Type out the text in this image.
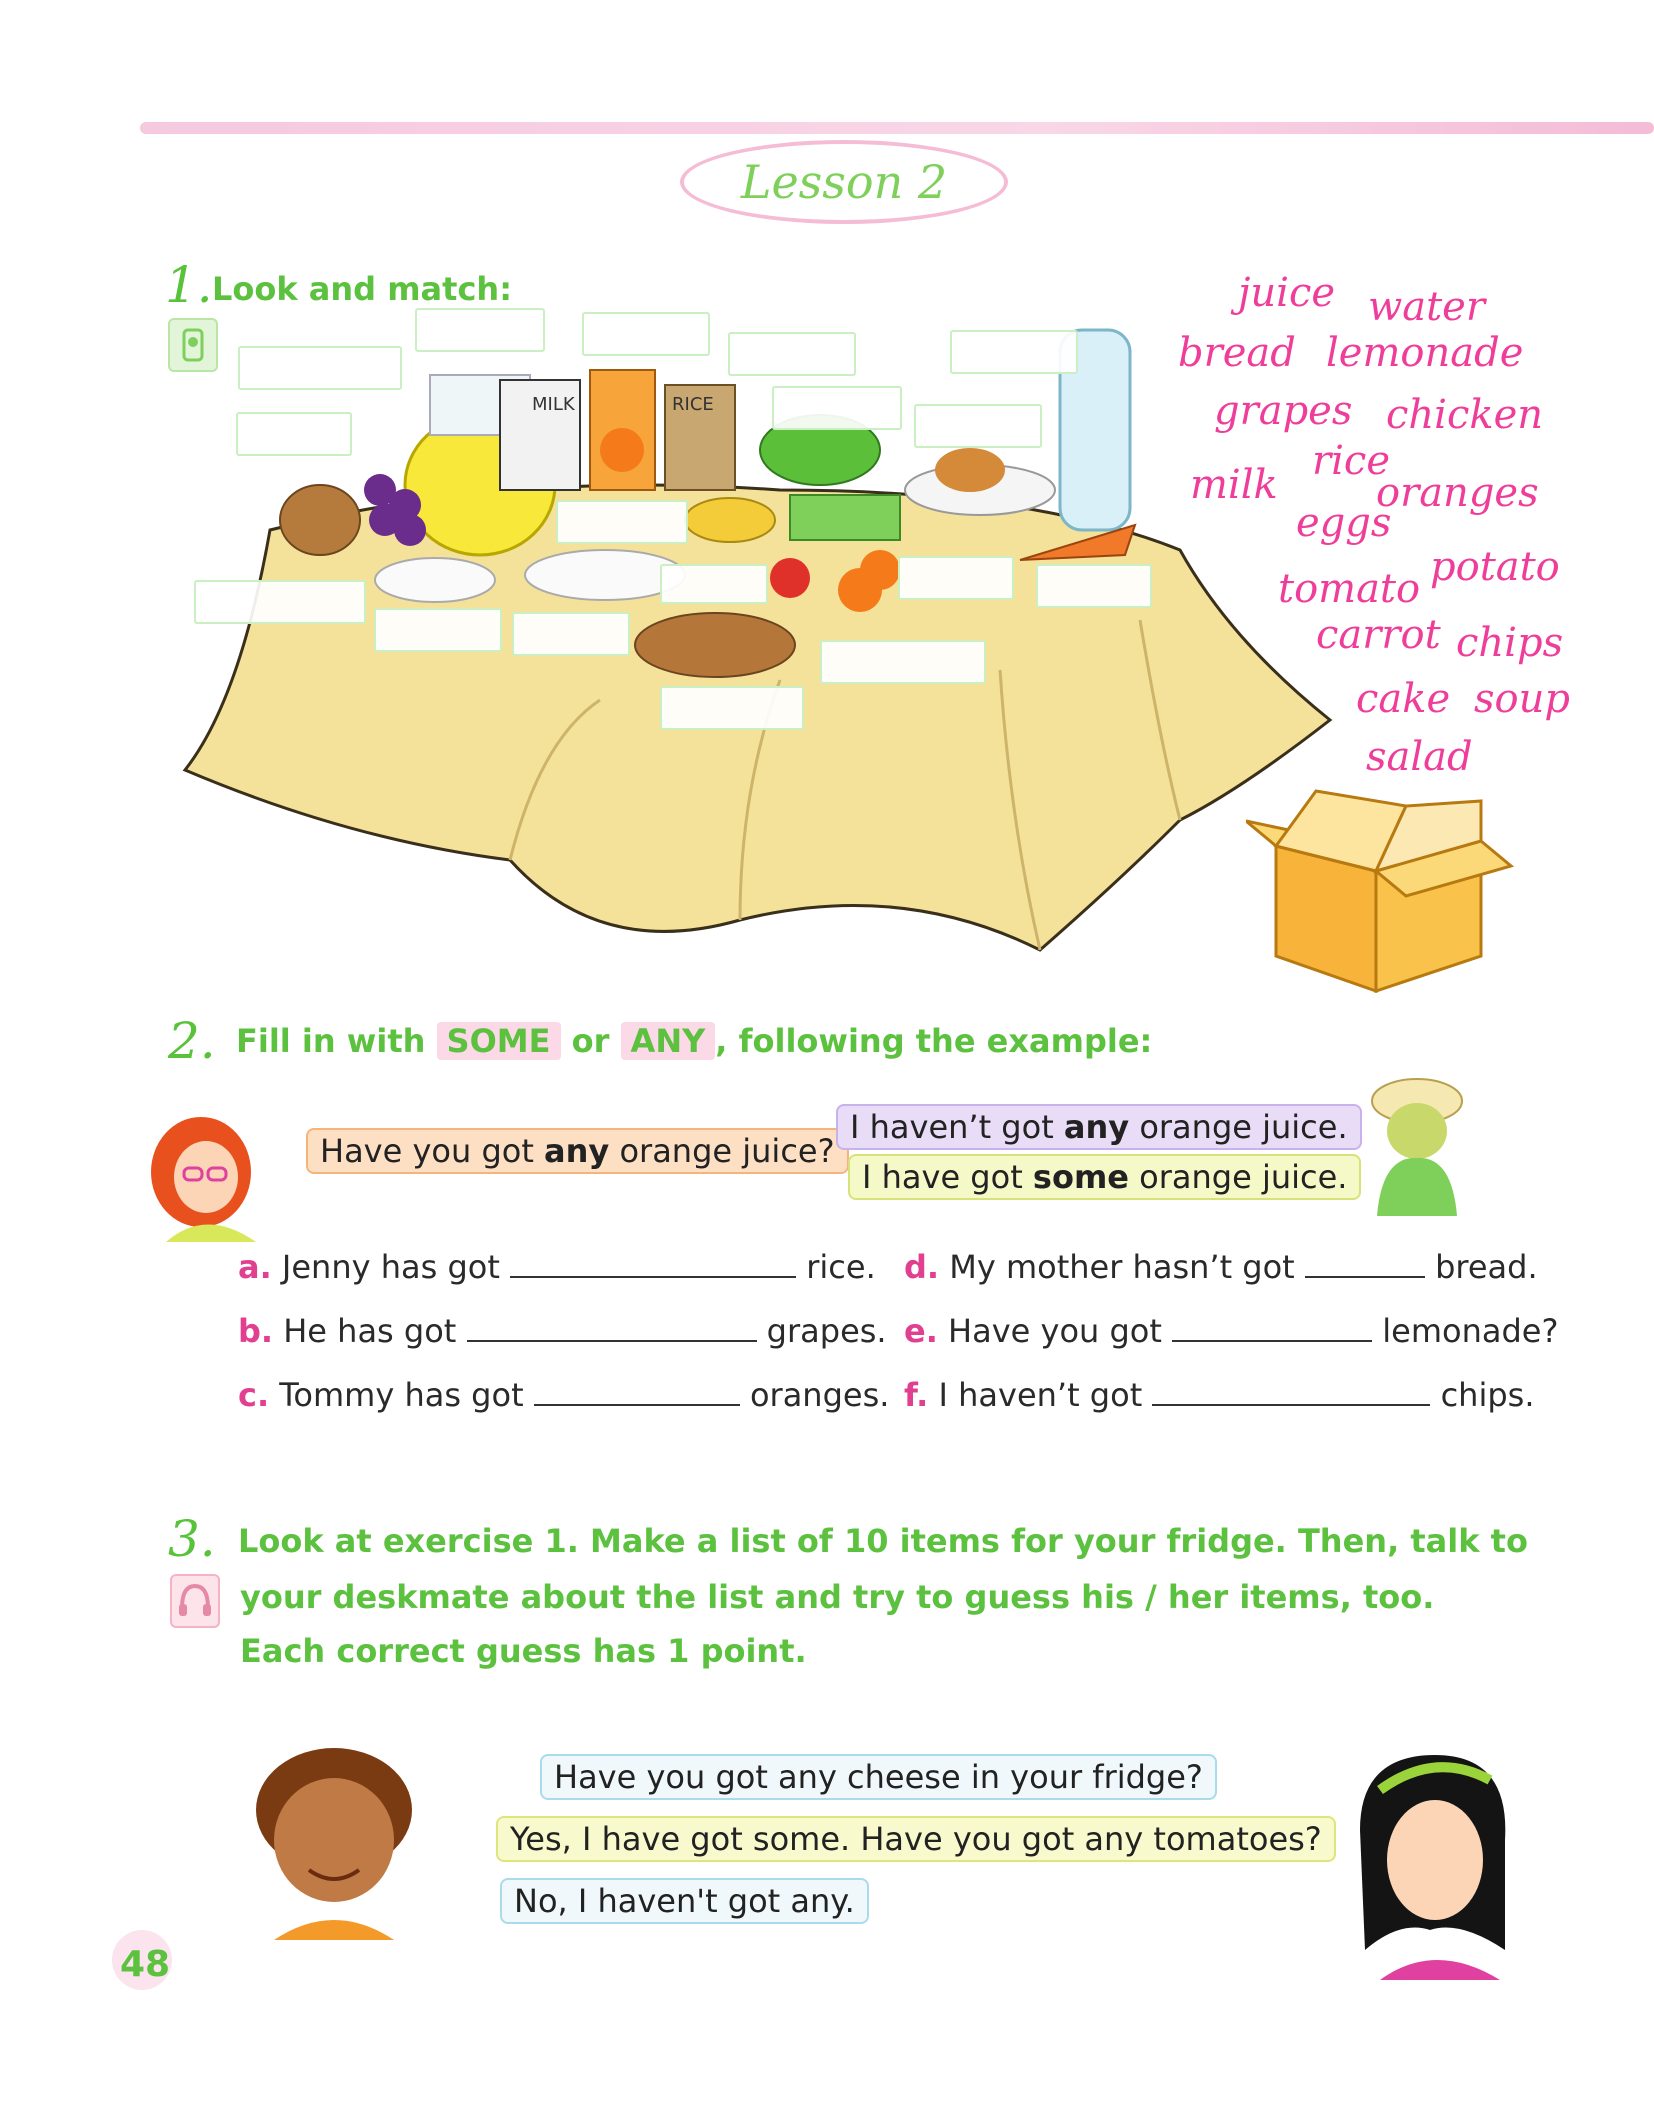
Lesson 2
1. Look and match:
MILK	RICE
juice water
bread lemonade
grapes chicken
milk
rice
oranges
eggs
potato
tomato
carrot chips
cake soup
salad
2. Fill in with SOME or ANY , following the example:
Have you got any orange juice?
I haven’t got any orange juice.
I have got some orange juice.
a. Jenny has got	rice.
b. He has got	grapes.
c. Tommy has got	oranges.
d. My mother hasn’t got	bread.
e. Have you got	lemonade?
f. I haven’t got	chips.
3. Look at exercise 1. Make a list of 10 items for your fridge. Then, talk to
your deskmate about the list and try to guess his / her items, too.
Each correct guess has 1 point.
Have you got any cheese in your fridge?
Yes, I have got some. Have you got any tomatoes?
No, I haven't got any.
48
